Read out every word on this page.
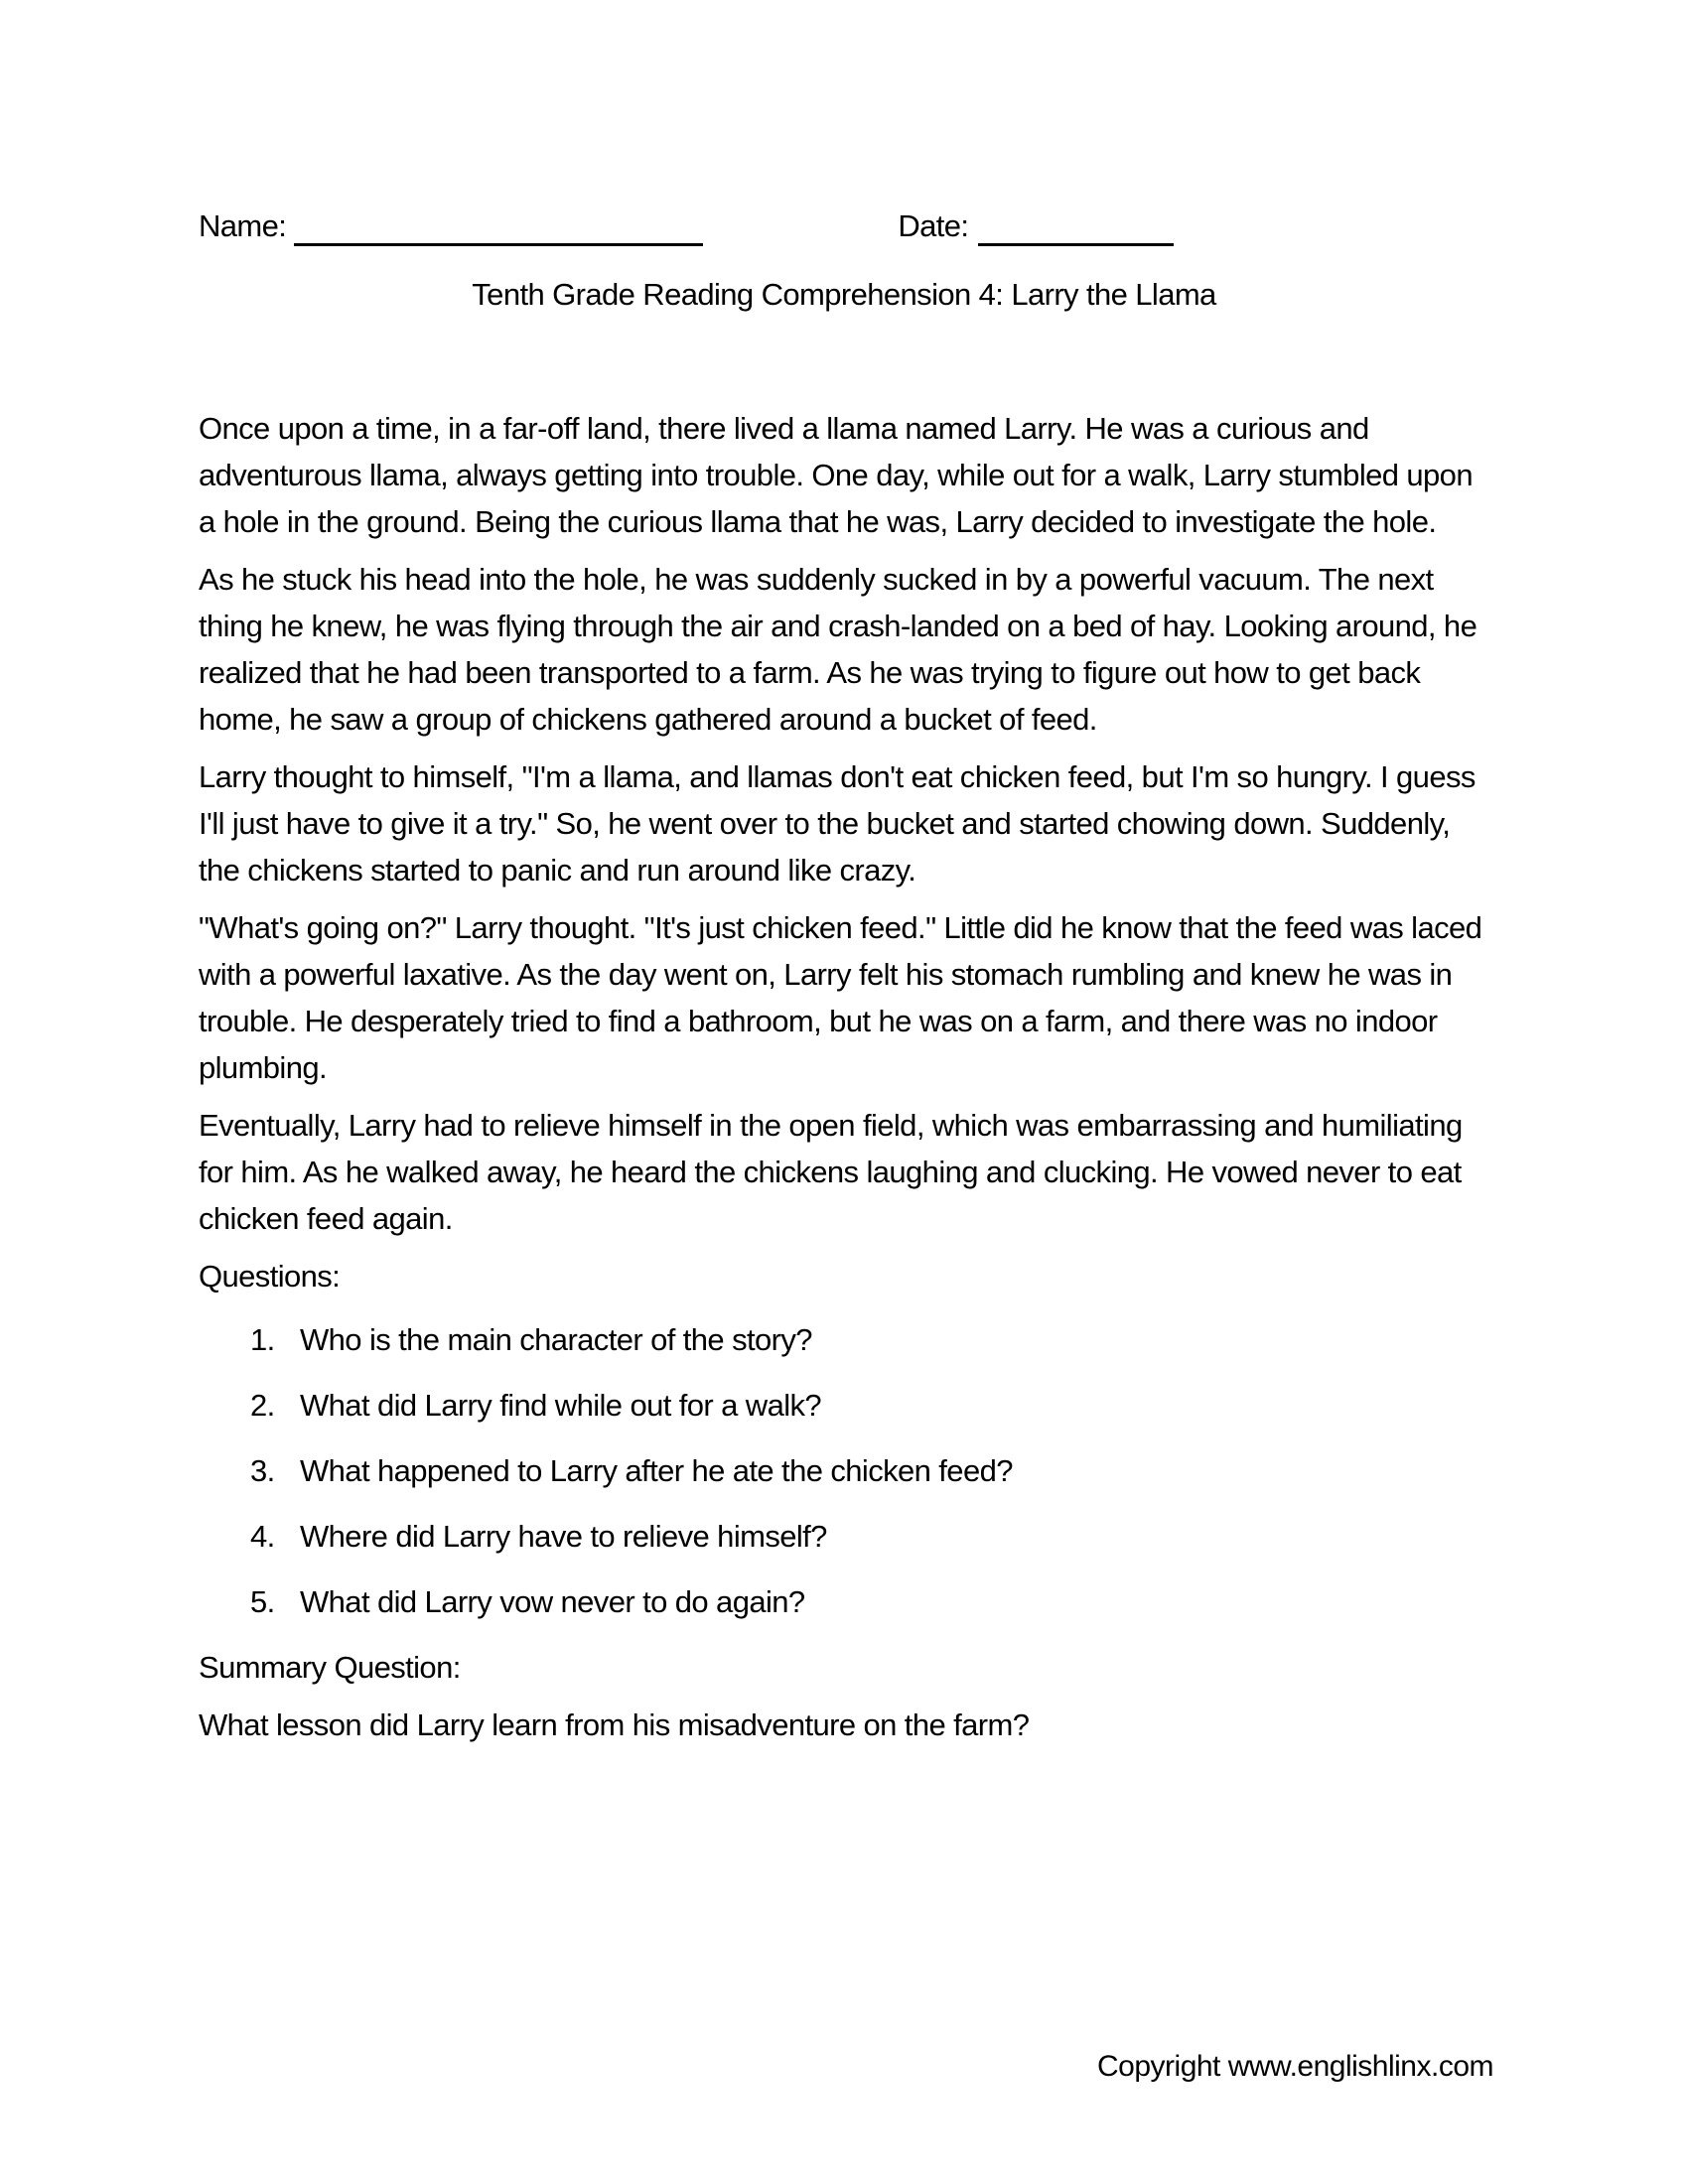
Name:	Date:
Tenth Grade Reading Comprehension 4: Larry the Llama

Once upon a time, in a far-off land, there lived a llama named Larry. He was a curious and adventurous llama, always getting into trouble. One day, while out for a walk, Larry stumbled upon a hole in the ground. Being the curious llama that he was, Larry decided to investigate the hole.

As he stuck his head into the hole, he was suddenly sucked in by a powerful vacuum. The next thing he knew, he was flying through the air and crash-landed on a bed of hay. Looking around, he realized that he had been transported to a farm. As he was trying to figure out how to get back home, he saw a group of chickens gathered around a bucket of feed.

Larry thought to himself, "I'm a llama, and llamas don't eat chicken feed, but I'm so hungry. I guess I'll just have to give it a try." So, he went over to the bucket and started chowing down. Suddenly, the chickens started to panic and run around like crazy.

"What's going on?" Larry thought. "It's just chicken feed." Little did he know that the feed was laced with a powerful laxative. As the day went on, Larry felt his stomach rumbling and knew he was in trouble. He desperately tried to find a bathroom, but he was on a farm, and there was no indoor plumbing.

Eventually, Larry had to relieve himself in the open field, which was embarrassing and humiliating for him. As he walked away, he heard the chickens laughing and clucking. He vowed never to eat chicken feed again.

Questions:

1. Who is the main character of the story?
2. What did Larry find while out for a walk?
3. What happened to Larry after he ate the chicken feed?
4. Where did Larry have to relieve himself?
5. What did Larry vow never to do again?

Summary Question:

What lesson did Larry learn from his misadventure on the farm?

Copyright www.englishlinx.com
